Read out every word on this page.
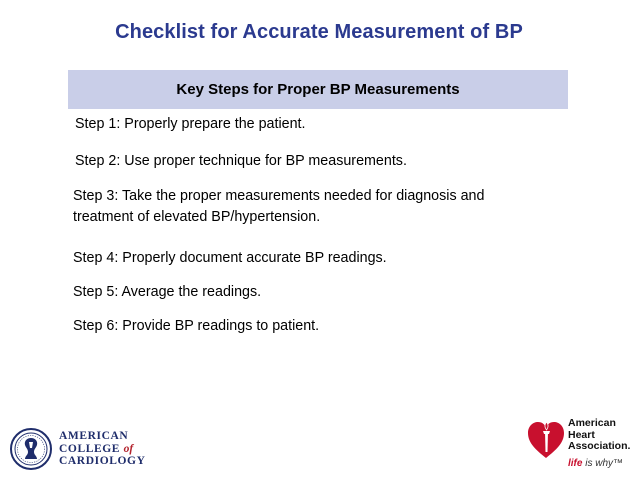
Checklist for Accurate Measurement of BP
Key Steps for Proper BP Measurements
Step 1: Properly prepare the patient.
Step 2: Use proper technique for BP measurements.
Step 3: Take the proper measurements needed for diagnosis and
treatment of elevated BP/hypertension.
Step 4: Properly document accurate BP readings.
Step 5: Average the readings.
Step 6: Provide BP readings to patient.
AMERICAN
COLLEGE of
CARDIOLOGY
American
Heart
Association.
life is why™
